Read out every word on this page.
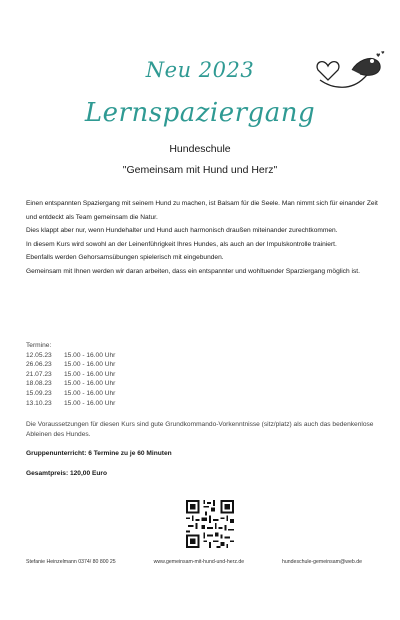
♥
♥
Neu 2023
Lernspaziergang
Hundeschule
"Gemeinsam mit Hund und Herz"

Einen entspannten Spaziergang mit seinem Hund zu machen, ist Balsam für die Seele. Man nimmt sich für einander Zeit und entdeckt als Team gemeinsam die Natur.

Dies klappt aber nur, wenn Hundehalter und Hund auch harmonisch draußen miteinander zurechtkommen.

In diesem Kurs wird sowohl an der Leinenführigkeit Ihres Hundes, als auch an der Impulskontrolle trainiert.

Ebenfalls werden Gehorsamsübungen spielerisch mit eingebunden.

Gemeinsam mit Ihnen werden wir daran arbeiten, dass ein entspannter und wohltuender Sparziergang möglich ist.

Termine:
12.05.23	15.00 - 16.00 Uhr
26.06.23	15.00 - 16.00 Uhr
21.07.23	15.00 - 16.00 Uhr
18.08.23	15.00 - 16.00 Uhr
15.09.23	15.00 - 16.00 Uhr
13.10.23	15.00 - 16.00 Uhr
Die Voraussetzungen für diesen Kurs sind gute Grundkommando-Vorkenntnisse (sitz/platz) als auch das bedenkenlose Ableinen des Hundes.
Gruppenunterricht: 6 Termine zu je 60 Minuten
Gesamtpreis: 120,00 Euro
Stefanie Heinzelmann 0374/ 80 800 25	www.gemeinsam-mit-hund-und-herz.de	hundeschule-gemeinsam@web.de
